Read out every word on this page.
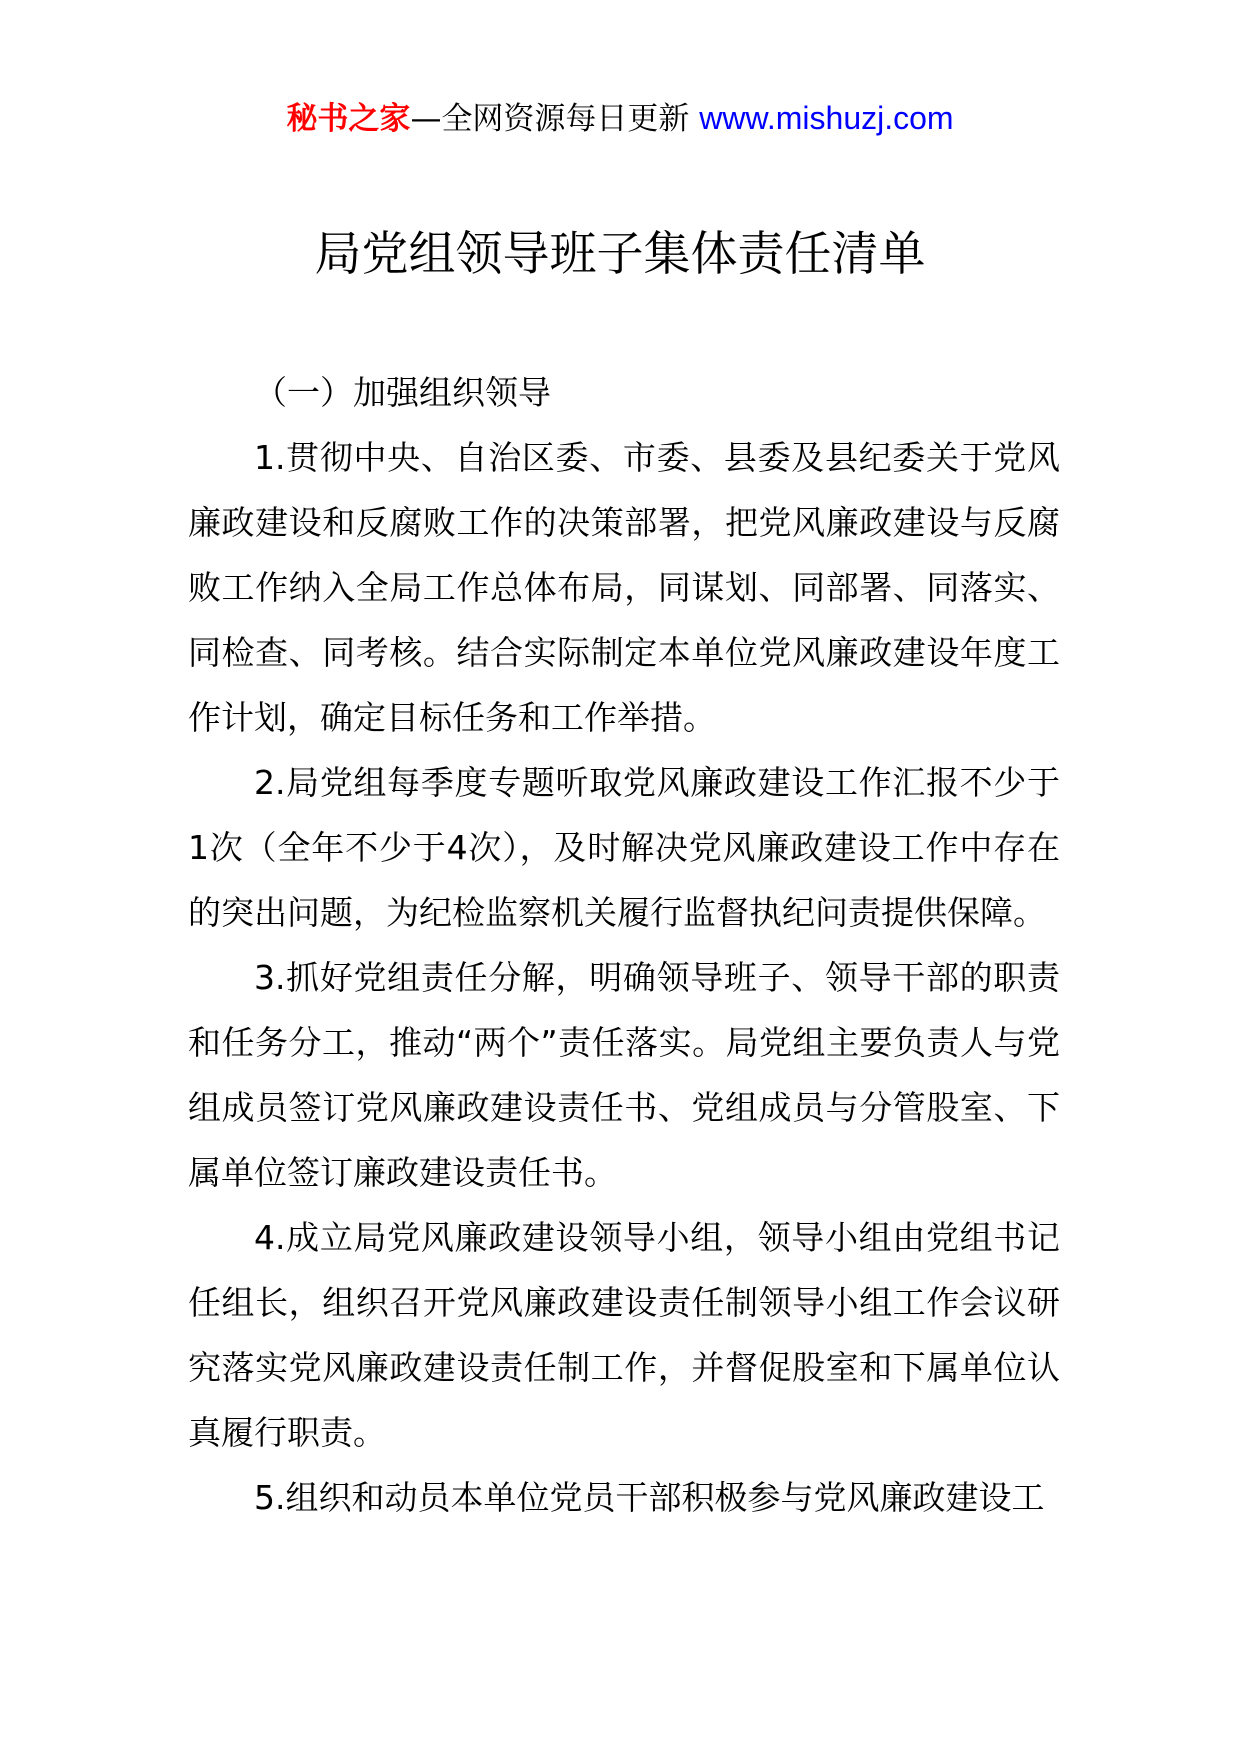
秘书之家—全网资源每日更新 www.mishuzj.com
局党组领导班子集体责任清单

（一）加强组织领导

1.贯彻中央、自治区委、市委、县委及县纪委关于党风廉政建设和反腐败工作的决策部署，把党风廉政建设与反腐败工作纳入全局工作总体布局，同谋划、同部署、同落实、同检查、同考核。结合实际制定本单位党风廉政建设年度工作计划，确定目标任务和工作举措。

2.局党组每季度专题听取党风廉政建设工作汇报不少于1次（全年不少于4次），及时解决党风廉政建设工作中存在的突出问题，为纪检监察机关履行监督执纪问责提供保障。

3.抓好党组责任分解，明确领导班子、领导干部的职责和任务分工，推动“两个”责任落实。局党组主要负责人与党组成员签订党风廉政建设责任书、党组成员与分管股室、下属单位签订廉政建设责任书。

4.成立局党风廉政建设领导小组，领导小组由党组书记任组长，组织召开党风廉政建设责任制领导小组工作会议研究落实党风廉政建设责任制工作，并督促股室和下属单位认真履行职责。

5.组织和动员本单位党员干部积极参与党风廉政建设工
